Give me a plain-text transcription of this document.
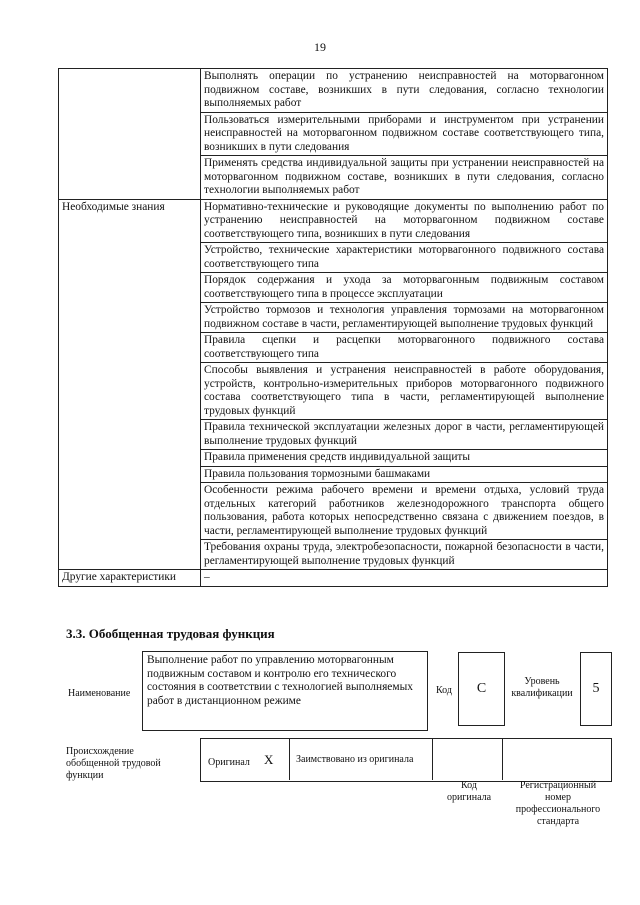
19
	Выполнять операции по устранению неисправностей на моторвагонном подвижном составе, возникших в пути следования, согласно технологии выполняемых работ
	Пользоваться измерительными приборами и инструментом при устранении неисправностей на моторвагонном подвижном составе соответствующего типа, возникших в пути следования
	Применять средства индивидуальной защиты при устранении неисправностей на моторвагонном подвижном составе, возникших в пути следования, согласно технологии выполняемых работ
Необходимые знания	Нормативно-технические и руководящие документы по выполнению работ по устранению неисправностей на моторвагонном подвижном составе соответствующего типа, возникших в пути следования
	Устройство, технические характеристики моторвагонного подвижного состава соответствующего типа
	Порядок содержания и ухода за моторвагонным подвижным составом соответствующего типа в процессе эксплуатации
	Устройство тормозов и технология управления тормозами на моторвагонном подвижном составе в части, регламентирующей выполнение трудовых функций
	Правила сцепки и расцепки моторвагонного подвижного состава соответствующего типа
	Способы выявления и устранения неисправностей в работе оборудования, устройств, контрольно-измерительных приборов моторвагонного подвижного состава соответствующего типа в части, регламентирующей выполнение трудовых функций
	Правила технической эксплуатации железных дорог в части, регламентирующей выполнение трудовых функций
	Правила применения средств индивидуальной защиты
	Правила пользования тормозными башмаками
	Особенности режима рабочего времени и времени отдыха, условий труда отдельных категорий работников железнодорожного транспорта общего пользования, работа которых непосредственно связана с движением поездов, в части, регламентирующей выполнение трудовых функций
	Требования охраны труда, электробезопасности, пожарной безопасности в части, регламентирующей выполнение трудовых функций
Другие характеристики	–
3.3. Обобщенная трудовая функция
Наименование
Выполнение работ по управлению моторвагонным подвижным составом и контролю его технического состояния в соответствии с технологией выполняемых работ в дистанционном режиме
Код	C	Уровень квалификации	5
Происхождение обобщенной трудовой функции
Оригинал X Заимствовано из оригинала
Код оригинала
Регистрационный номер профессионального стандарта
